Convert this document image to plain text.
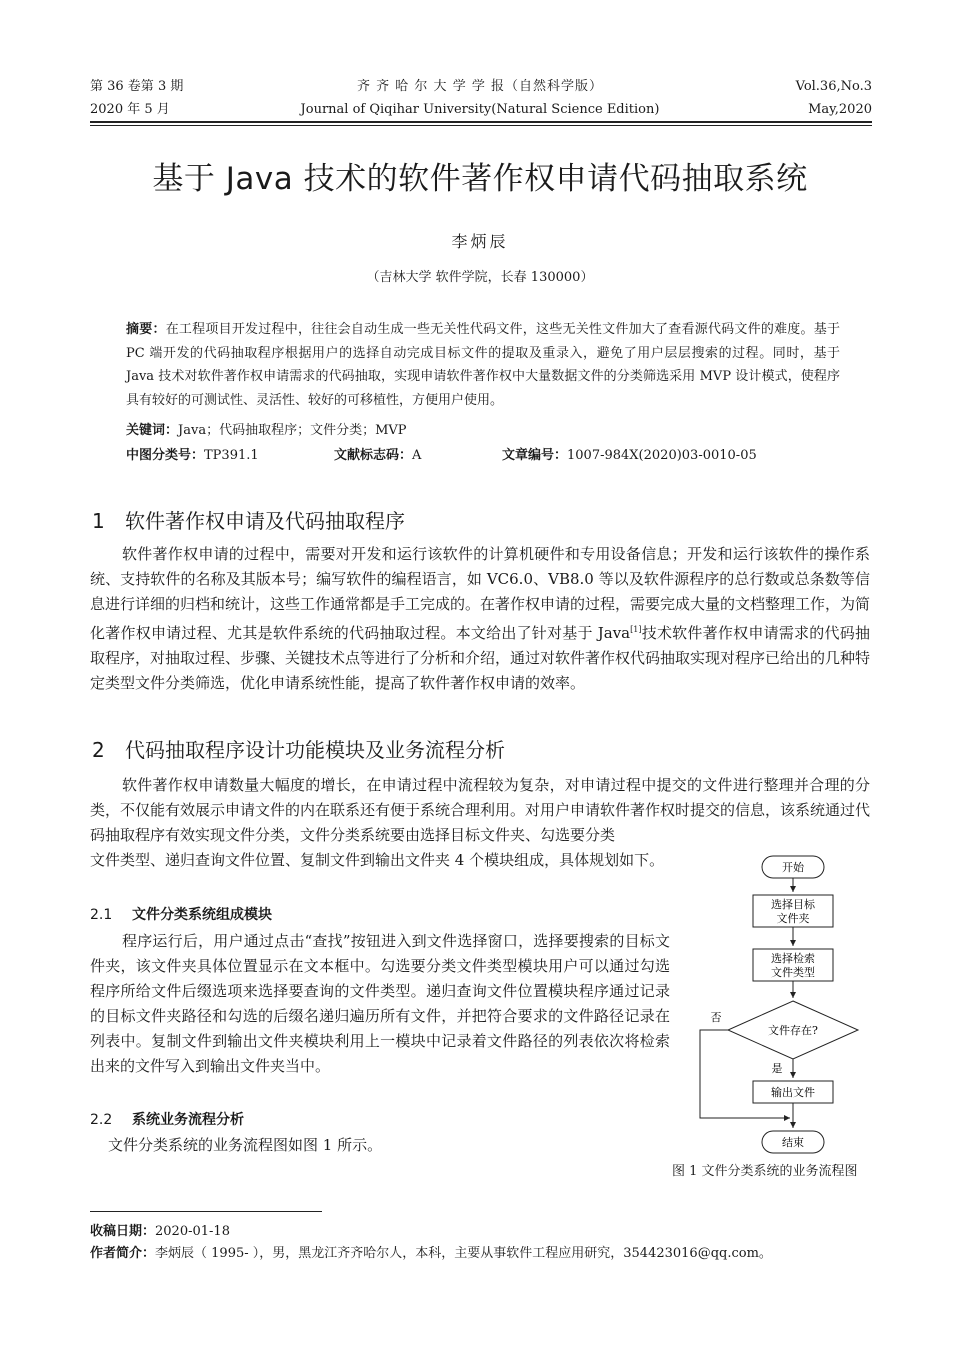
第 36 卷第 3 期
2020 年 5 月
齐 齐 哈 尔 大 学 学 报（自然科学版）
Journal of Qiqihar University(Natural Science Edition)
Vol.36,No.3
May,2020
基于 Java 技术的软件著作权申请代码抽取系统
李炳辰
（吉林大学 软件学院，长春 130000）
摘要：在工程项目开发过程中，往往会自动生成一些无关性代码文件，这些无关性文件加大了查看源代码文件的难度。基于 PC 端开发的代码抽取程序根据用户的选择自动完成目标文件的提取及重录入，避免了用户层层搜索的过程。同时，基于 Java 技术对软件著作权申请需求的代码抽取，实现申请软件著作权中大量数据文件的分类筛选采用 MVP 设计模式，使程序具有较好的可测试性、灵活性、较好的可移植性，方便用户使用。
关键词：Java；代码抽取程序；文件分类；MVP
中图分类号：TP391.1	文献标志码：A	文章编号：1007-984X(2020)03-0010-05
1 软件著作权申请及代码抽取程序
软件著作权申请的过程中，需要对开发和运行该软件的计算机硬件和专用设备信息；开发和运行该软件的操作系统、支持软件的名称及其版本号；编写软件的编程语言，如 VC6.0、VB8.0 等以及软件源程序的总行数或总条数等信息进行详细的归档和统计，这些工作通常都是手工完成的。在著作权申请的过程，需要完成大量的文档整理工作，为简化著作权申请过程、尤其是软件系统的代码抽取过程。本文给出了针对基于 Java[1]技术软件著作权申请需求的代码抽取程序，对抽取过程、步骤、关键技术点等进行了分析和介绍，通过对软件著作权代码抽取实现对程序已给出的几种特定类型文件分类筛选，优化申请系统性能，提高了软件著作权申请的效率。
2 代码抽取程序设计功能模块及业务流程分析
软件著作权申请数量大幅度的增长，在申请过程中流程较为复杂，对申请过程中提交的文件进行整理并合理的分类，不仅能有效展示申请文件的内在联系还有便于系统合理利用。对用户申请软件著作权时提交的信息，该系统通过代码抽取程序有效实现文件分类，文件分类系统要由选择目标文件夹、勾选要分类
文件类型、递归查询文件位置、复制文件到输出文件夹 4 个模块组成，具体规划如下。
2.1 文件分类系统组成模块
程序运行后，用户通过点击“查找”按钮进入到文件选择窗口，选择要搜索的目标文件夹，该文件夹具体位置显示在文本框中。勾选要分类文件类型模块用户可以通过勾选程序所给文件后缀选项来选择要查询的文件类型。递归查询文件位置模块程序通过记录的目标文件夹路径和勾选的后缀名递归遍历所有文件，并把符合要求的文件路径记录在列表中。复制文件到输出文件夹模块利用上一模块中记录着文件路径的列表依次将检索出来的文件写入到输出文件夹当中。
2.2 系统业务流程分析
文件分类系统的业务流程图如图 1 所示。
开始
选择目标
文件夹
选择检索
文件类型
文件存在?
否
是
输出文件
结束
图 1 文件分类系统的业务流程图
收稿日期：2020-01-18
作者简介：李炳辰（ 1995- ），男，黑龙江齐齐哈尔人，本科，主要从事软件工程应用研究，354423016@qq.com。
